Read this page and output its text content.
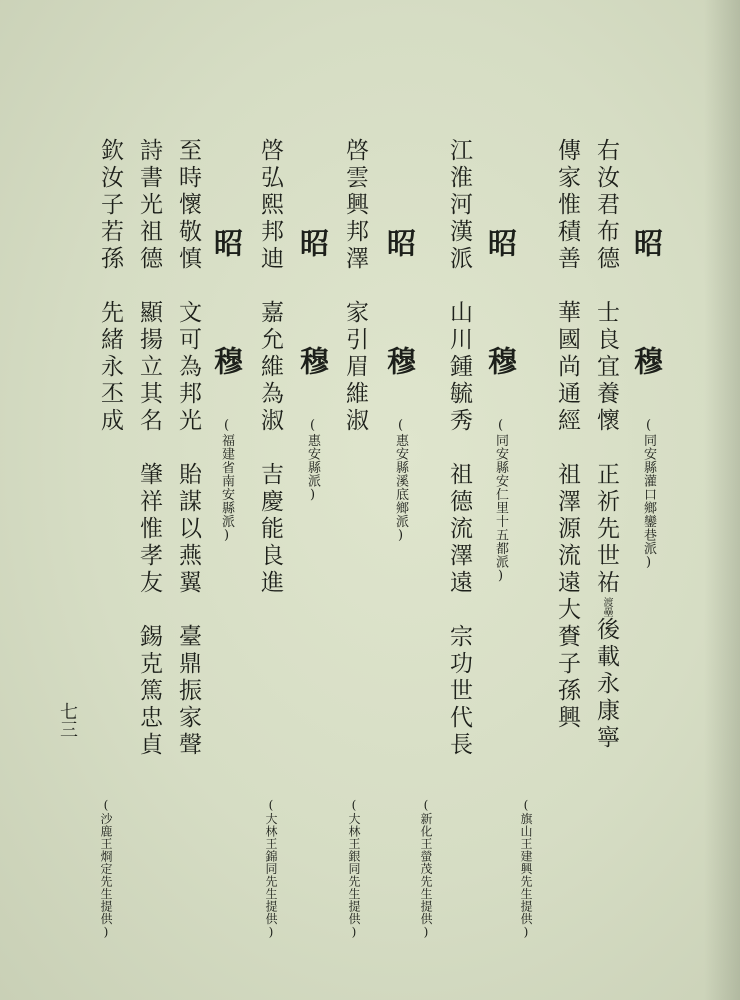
昭　穆
(同安縣灌口鄉鑾巷派)
右汝君布德　士良宜養懷　正祈先世祐渡壘後載永康寧
傳家惟積善　華國尚通經　祖澤源流遠大賚子孫興
(旗山王建興先生提供)
昭　穆
(同安縣安仁里十五都派)
江淮河漢派　山川鍾毓秀　祖德流澤遠　宗功世代長
(新化王螢茂先生提供)
昭　穆
(惠安縣溪底鄉派)
啓雲興邦澤　家引眉維淑
(大林王銀同先生提供)
昭　穆
(惠安縣派)
啓弘熙邦迪　嘉允維為淑　吉慶能良進
(大林王錦同先生提供)
昭　穆
(福建省南安縣派)
至時懷敬慎　文可為邦光　貽謀以燕翼　臺鼎振家聲
詩書光祖德　顯揚立其名　肇祥惟孝友　錫克篤忠貞
欽汝子若孫　先緒永丕成
(沙鹿王烱定先生提供)
七三
